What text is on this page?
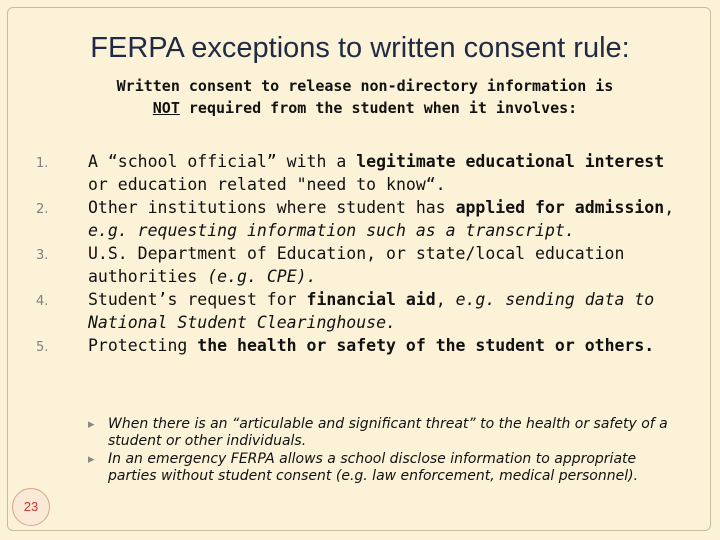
FERPA exceptions to written consent rule:
Written consent to release non-directory information is
NOT required from the student when it involves:
1. A “school official” with a legitimate educational interest or education related "need to know“.
2. Other institutions where student has applied for admission, e.g. requesting information such as a transcript.
3. U.S. Department of Education, or state/local education authorities (e.g. CPE).
4. Student’s request for financial aid, e.g. sending data to National Student Clearinghouse.
5. Protecting the health or safety of the student or others.
▸ When there is an “articulable and significant threat” to the health or safety of a student or other individuals.
▸ In an emergency FERPA allows a school disclose information to appropriate parties without student consent (e.g. law enforcement, medical personnel).
23
